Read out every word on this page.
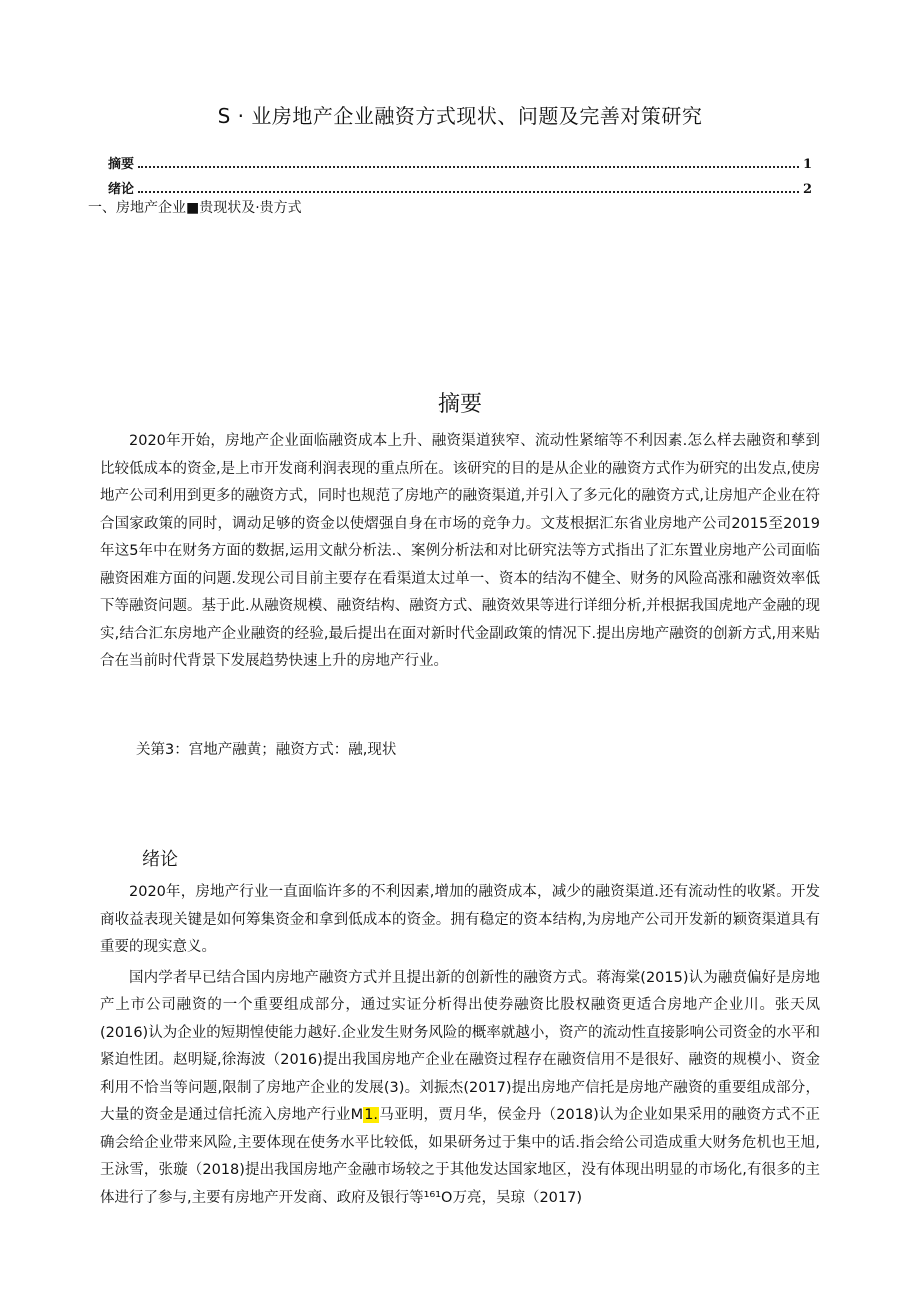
S · 业房地产企业融资方式现状、问题及完善对策研究
摘要	1
绪论	2
一、房地产企业■贵现状及·贵方式
摘要

2020年开始，房地产企业面临融资成本上升、融资渠道狭窄、流动性紧缩等不利因素.怎么样去融资和孳到比较低成本的资金,是上市开发商利润表现的重点所在。该研究的目的是从企业的融资方式作为研究的出发点,使房地产公司利用到更多的融资方式，同时也规范了房地产的融资渠道,并引入了多元化的融资方式,让房旭产企业在符合国家政策的同时，调动足够的资金以使熠强自身在市场的竞争力。文芨根据汇东省业房地产公司2015至2019年这5年中在财务方面的数据,运用文献分析法.、案例分析法和对比研究法等方式指出了汇东置业房地产公司面临融资困难方面的问题.发现公司目前主要存在看渠道太过单一、资本的结沟不健全、财务的风险高涨和融资效率低下等融资问题。基于此.从融资规模、融资结构、融资方式、融资效果等进行详细分析,并根据我国虎地产金融的现实,结合汇东房地产企业融资的经验,最后提出在面对新时代金副政策的情况下.提出房地产融资的创新方式,用来贴合在当前时代背景下发展趋势快速上升的房地产行业。

关第3：宫地产融黄；融资方式：融,现状
绪论

2020年，房地产行业一直面临许多的不利因素,增加的融资成本，减少的融资渠道.还有流动性的收紧。开发商收益表现关键是如何筹集资金和拿到低成本的资金。拥有稳定的资本结构,为房地产公司开发新的颖资渠道具有重要的现实意义。

国内学者早已结合国内房地产融资方式并且提出新的创新性的融资方式。蒋海棠(2015)认为融贲偏好是房地产上市公司融资的一个重要组成部分，通过实证分析得出使券融资比股权融资更适合房地产企业川。张天凤(2016)认为企业的短期惶使能力越好.企业发生财务风险的概率就越小，资产的流动性直接影响公司资金的水平和紧迫性团。赵明疑,徐海波（2016)提出我国房地产企业在融资过程存在融资信用不是很好、融资的规模小、资金利用不恰当等问题,限制了房地产企业的发展(3)。刘振杰(2017)提出房地产信托是房地产融资的重要组成部分，大量的资金是通过信托流入房地产行业M1.马亚明，贾月华，侯金丹（2018)认为企业如果采用的融资方式不正确会给企业带来风险,主要体现在使务水平比较低，如果研务过于集中的话.指会给公司造成重大财务危机也王旭,王泳雪，张璇（2018)提出我国房地产金融市场较之于其他发达国家地区，没有体现出明显的市场化,有很多的主体进行了参与,主要有房地产开发商、政府及银行等¹⁶¹O万亮，吴琼（2017)
